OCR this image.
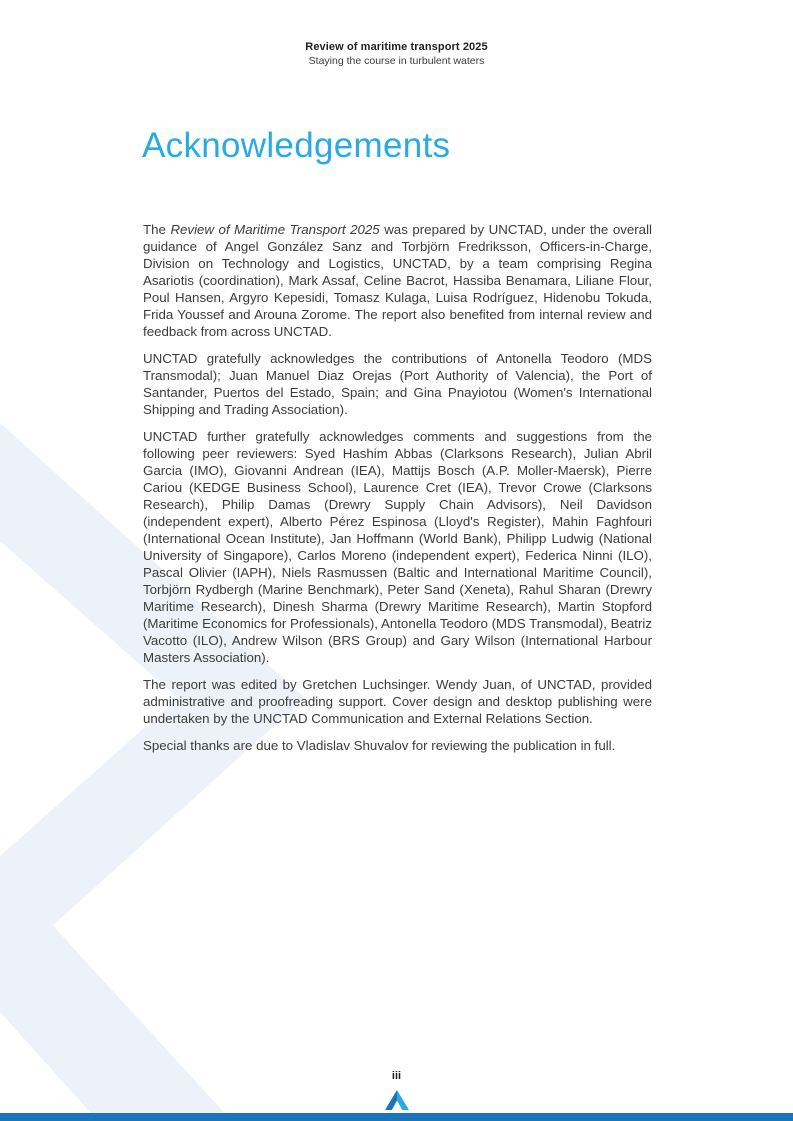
Review of maritime transport 2025
Staying the course in turbulent waters
Acknowledgements

The Review of Maritime Transport 2025 was prepared by UNCTAD, under the overall guidance of Angel González Sanz and Torbjörn Fredriksson, Officers-in-Charge, Division on Technology and Logistics, UNCTAD, by a team comprising Regina Asariotis (coordination), Mark Assaf, Celine Bacrot, Hassiba Benamara, Liliane Flour, Poul Hansen, Argyro Kepesidi, Tomasz Kulaga, Luisa Rodríguez, Hidenobu Tokuda, Frida Youssef and Arouna Zorome. The report also benefited from internal review and feedback from across UNCTAD.

UNCTAD gratefully acknowledges the contributions of Antonella Teodoro (MDS Transmodal); Juan Manuel Diaz Orejas (Port Authority of Valencia), the Port of Santander, Puertos del Estado, Spain; and Gina Pnayiotou (Women's International Shipping and Trading Association).

UNCTAD further gratefully acknowledges comments and suggestions from the following peer reviewers: Syed Hashim Abbas (Clarksons Research), Julian Abril Garcia (IMO), Giovanni Andrean (IEA), Mattijs Bosch (A.P. Moller-Maersk), Pierre Cariou (KEDGE Business School), Laurence Cret (IEA), Trevor Crowe (Clarksons Research), Philip Damas (Drewry Supply Chain Advisors), Neil Davidson (independent expert), Alberto Pérez Espinosa (Lloyd's Register), Mahin Faghfouri (International Ocean Institute), Jan Hoffmann (World Bank), Philipp Ludwig (National University of Singapore), Carlos Moreno (independent expert), Federica Ninni (ILO), Pascal Olivier (IAPH), Niels Rasmussen (Baltic and International Maritime Council), Torbjörn Rydbergh (Marine Benchmark), Peter Sand (Xeneta), Rahul Sharan (Drewry Maritime Research), Dinesh Sharma (Drewry Maritime Research), Martin Stopford (Maritime Economics for Professionals), Antonella Teodoro (MDS Transmodal), Beatriz Vacotto (ILO), Andrew Wilson (BRS Group) and Gary Wilson (International Harbour Masters Association).

The report was edited by Gretchen Luchsinger. Wendy Juan, of UNCTAD, provided administrative and proofreading support. Cover design and desktop publishing were undertaken by the UNCTAD Communication and External Relations Section.

Special thanks are due to Vladislav Shuvalov for reviewing the publication in full.

iii
